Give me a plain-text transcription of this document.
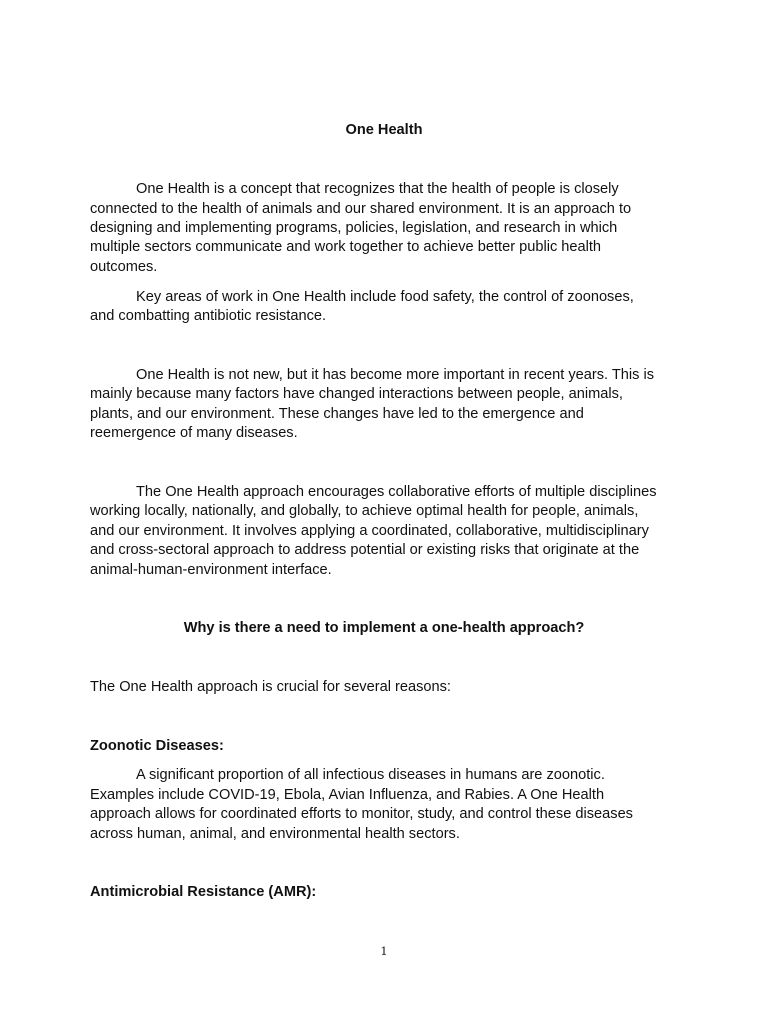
One Health

One Health is a concept that recognizes that the health of people is closely

connected to the health of animals and our shared environment. It is an approach to

designing and implementing programs, policies, legislation, and research in which

multiple sectors communicate and work together to achieve better public health

outcomes.

Key areas of work in One Health include food safety, the control of zoonoses,

and combatting antibiotic resistance.

One Health is not new, but it has become more important in recent years. This is

mainly because many factors have changed interactions between people, animals,

plants, and our environment. These changes have led to the emergence and

reemergence of many diseases.

The One Health approach encourages collaborative efforts of multiple disciplines

working locally, nationally, and globally, to achieve optimal health for people, animals,

and our environment. It involves applying a coordinated, collaborative, multidisciplinary

and cross-sectoral approach to address potential or existing risks that originate at the

animal-human-environment interface.

Why is there a need to implement a one-health approach?

The One Health approach is crucial for several reasons:

Zoonotic Diseases:

A significant proportion of all infectious diseases in humans are zoonotic.

Examples include COVID-19, Ebola, Avian Influenza, and Rabies. A One Health

approach allows for coordinated efforts to monitor, study, and control these diseases

across human, animal, and environmental health sectors.

Antimicrobial Resistance (AMR):

1
